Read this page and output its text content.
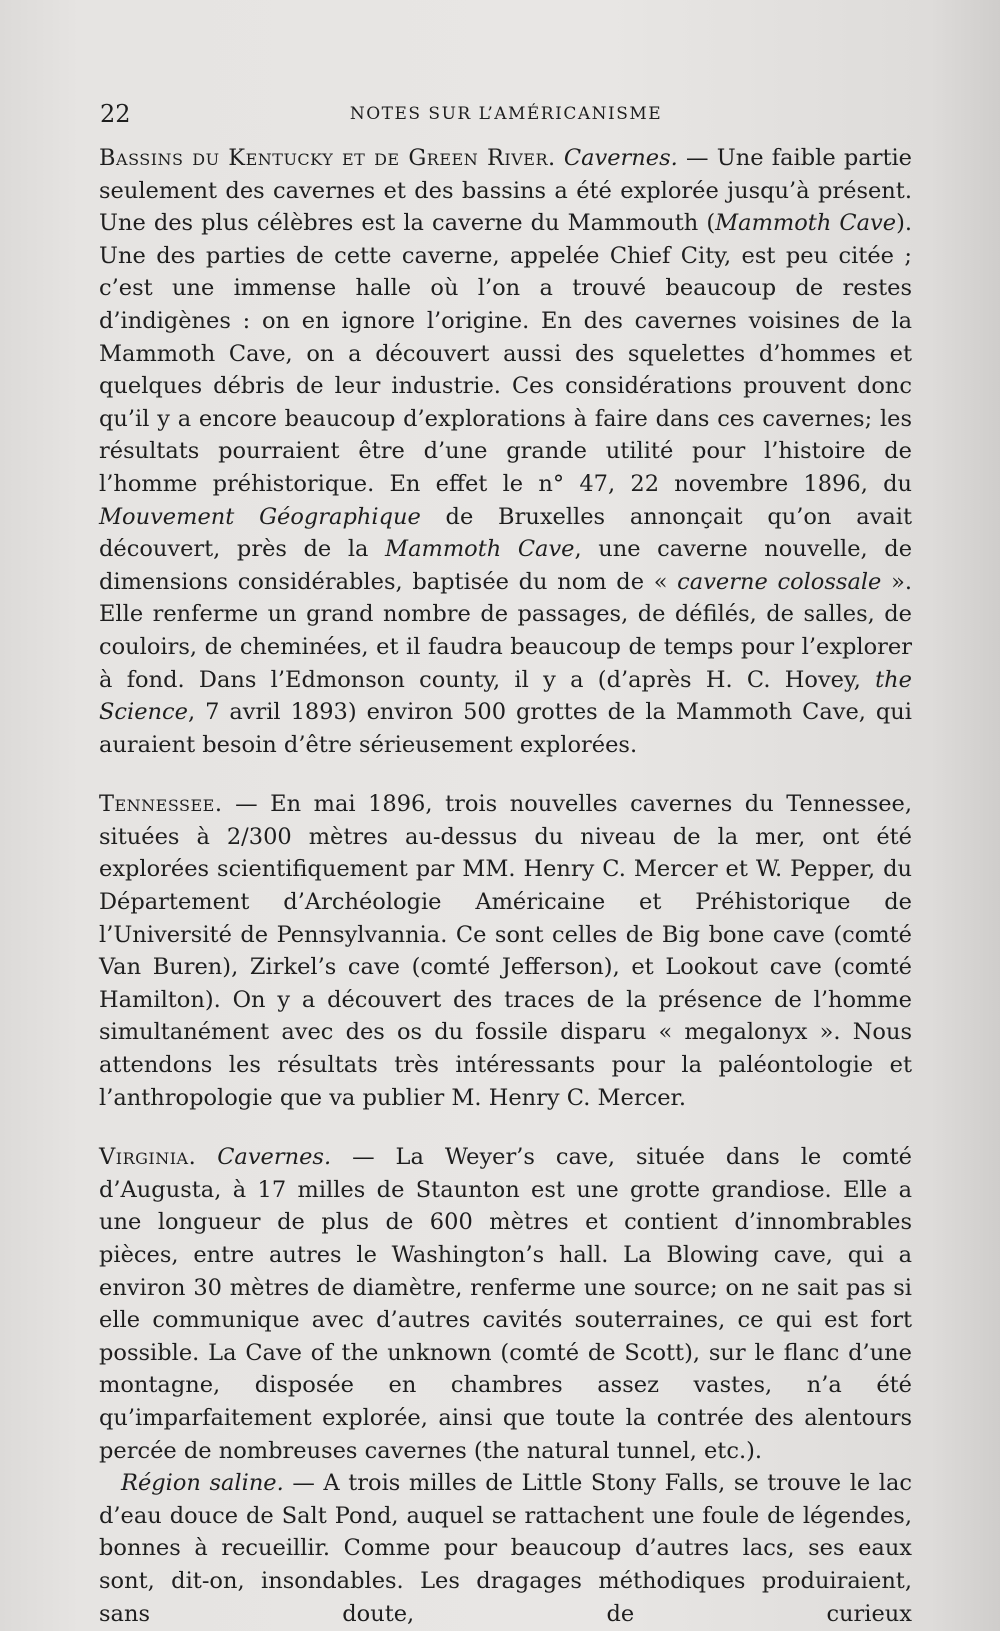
22	NOTES SUR L’AMÉRICANISME

Bassins du Kentucky et de Green River. Cavernes. — Une faible partie seulement des cavernes et des bassins a été explorée jusqu’à présent. Une des plus célèbres est la caverne du Mammouth (Mammoth Cave). Une des parties de cette caverne, appelée Chief City, est peu citée ; c’est une immense halle où l’on a trouvé beaucoup de restes d’indigènes : on en ignore l’origine. En des cavernes voisines de la Mammoth Cave, on a découvert aussi des squelettes d’hommes et quelques débris de leur industrie. Ces considérations prouvent donc qu’il y a encore beaucoup d’explorations à faire dans ces cavernes; les résultats pourraient être d’une grande utilité pour l’histoire de l’homme préhistorique. En effet le n° 47, 22 novembre 1896, du Mouvement Géographique de Bruxelles annonçait qu’on avait découvert, près de la Mammoth Cave, une caverne nouvelle, de dimensions considérables, baptisée du nom de « caverne colossale ». Elle renferme un grand nombre de passages, de défilés, de salles, de couloirs, de cheminées, et il faudra beaucoup de temps pour l’explorer à fond. Dans l’Edmonson county, il y a (d’après H. C. Hovey, the Science, 7 avril 1893) environ 500 grottes de la Mammoth Cave, qui auraient besoin d’être sérieusement explorées.

Tennessee. — En mai 1896, trois nouvelles cavernes du Tennessee, situées à 2/300 mètres au-dessus du niveau de la mer, ont été explorées scientifiquement par MM. Henry C. Mercer et W. Pepper, du Département d’Archéologie Américaine et Préhistorique de l’Université de Pennsylvannia. Ce sont celles de Big bone cave (comté Van Buren), Zirkel’s cave (comté Jefferson), et Lookout cave (comté Hamilton). On y a découvert des traces de la présence de l’homme simultanément avec des os du fossile disparu « megalonyx ». Nous attendons les résultats très intéressants pour la paléontologie et l’anthropologie que va publier M. Henry C. Mercer.

Virginia. Cavernes. — La Weyer’s cave, située dans le comté d’Augusta, à 17 milles de Staunton est une grotte grandiose. Elle a une longueur de plus de 600 mètres et contient d’innombrables pièces, entre autres le Washington’s hall. La Blowing cave, qui a environ 30 mètres de diamètre, renferme une source; on ne sait pas si elle communique avec d’autres cavités souterraines, ce qui est fort possible. La Cave of the unknown (comté de Scott), sur le flanc d’une montagne, disposée en chambres assez vastes, n’a été qu’imparfaitement explorée, ainsi que toute la contrée des alentours percée de nombreuses cavernes (the natural tunnel, etc.).

Région saline. — A trois milles de Little Stony Falls, se trouve le lac d’eau douce de Salt Pond, auquel se rattachent une foule de légendes, bonnes à recueillir. Comme pour beaucoup d’autres lacs, ses eaux sont, dit-on, insondables. Les dragages méthodiques produiraient, sans doute, de curieux
